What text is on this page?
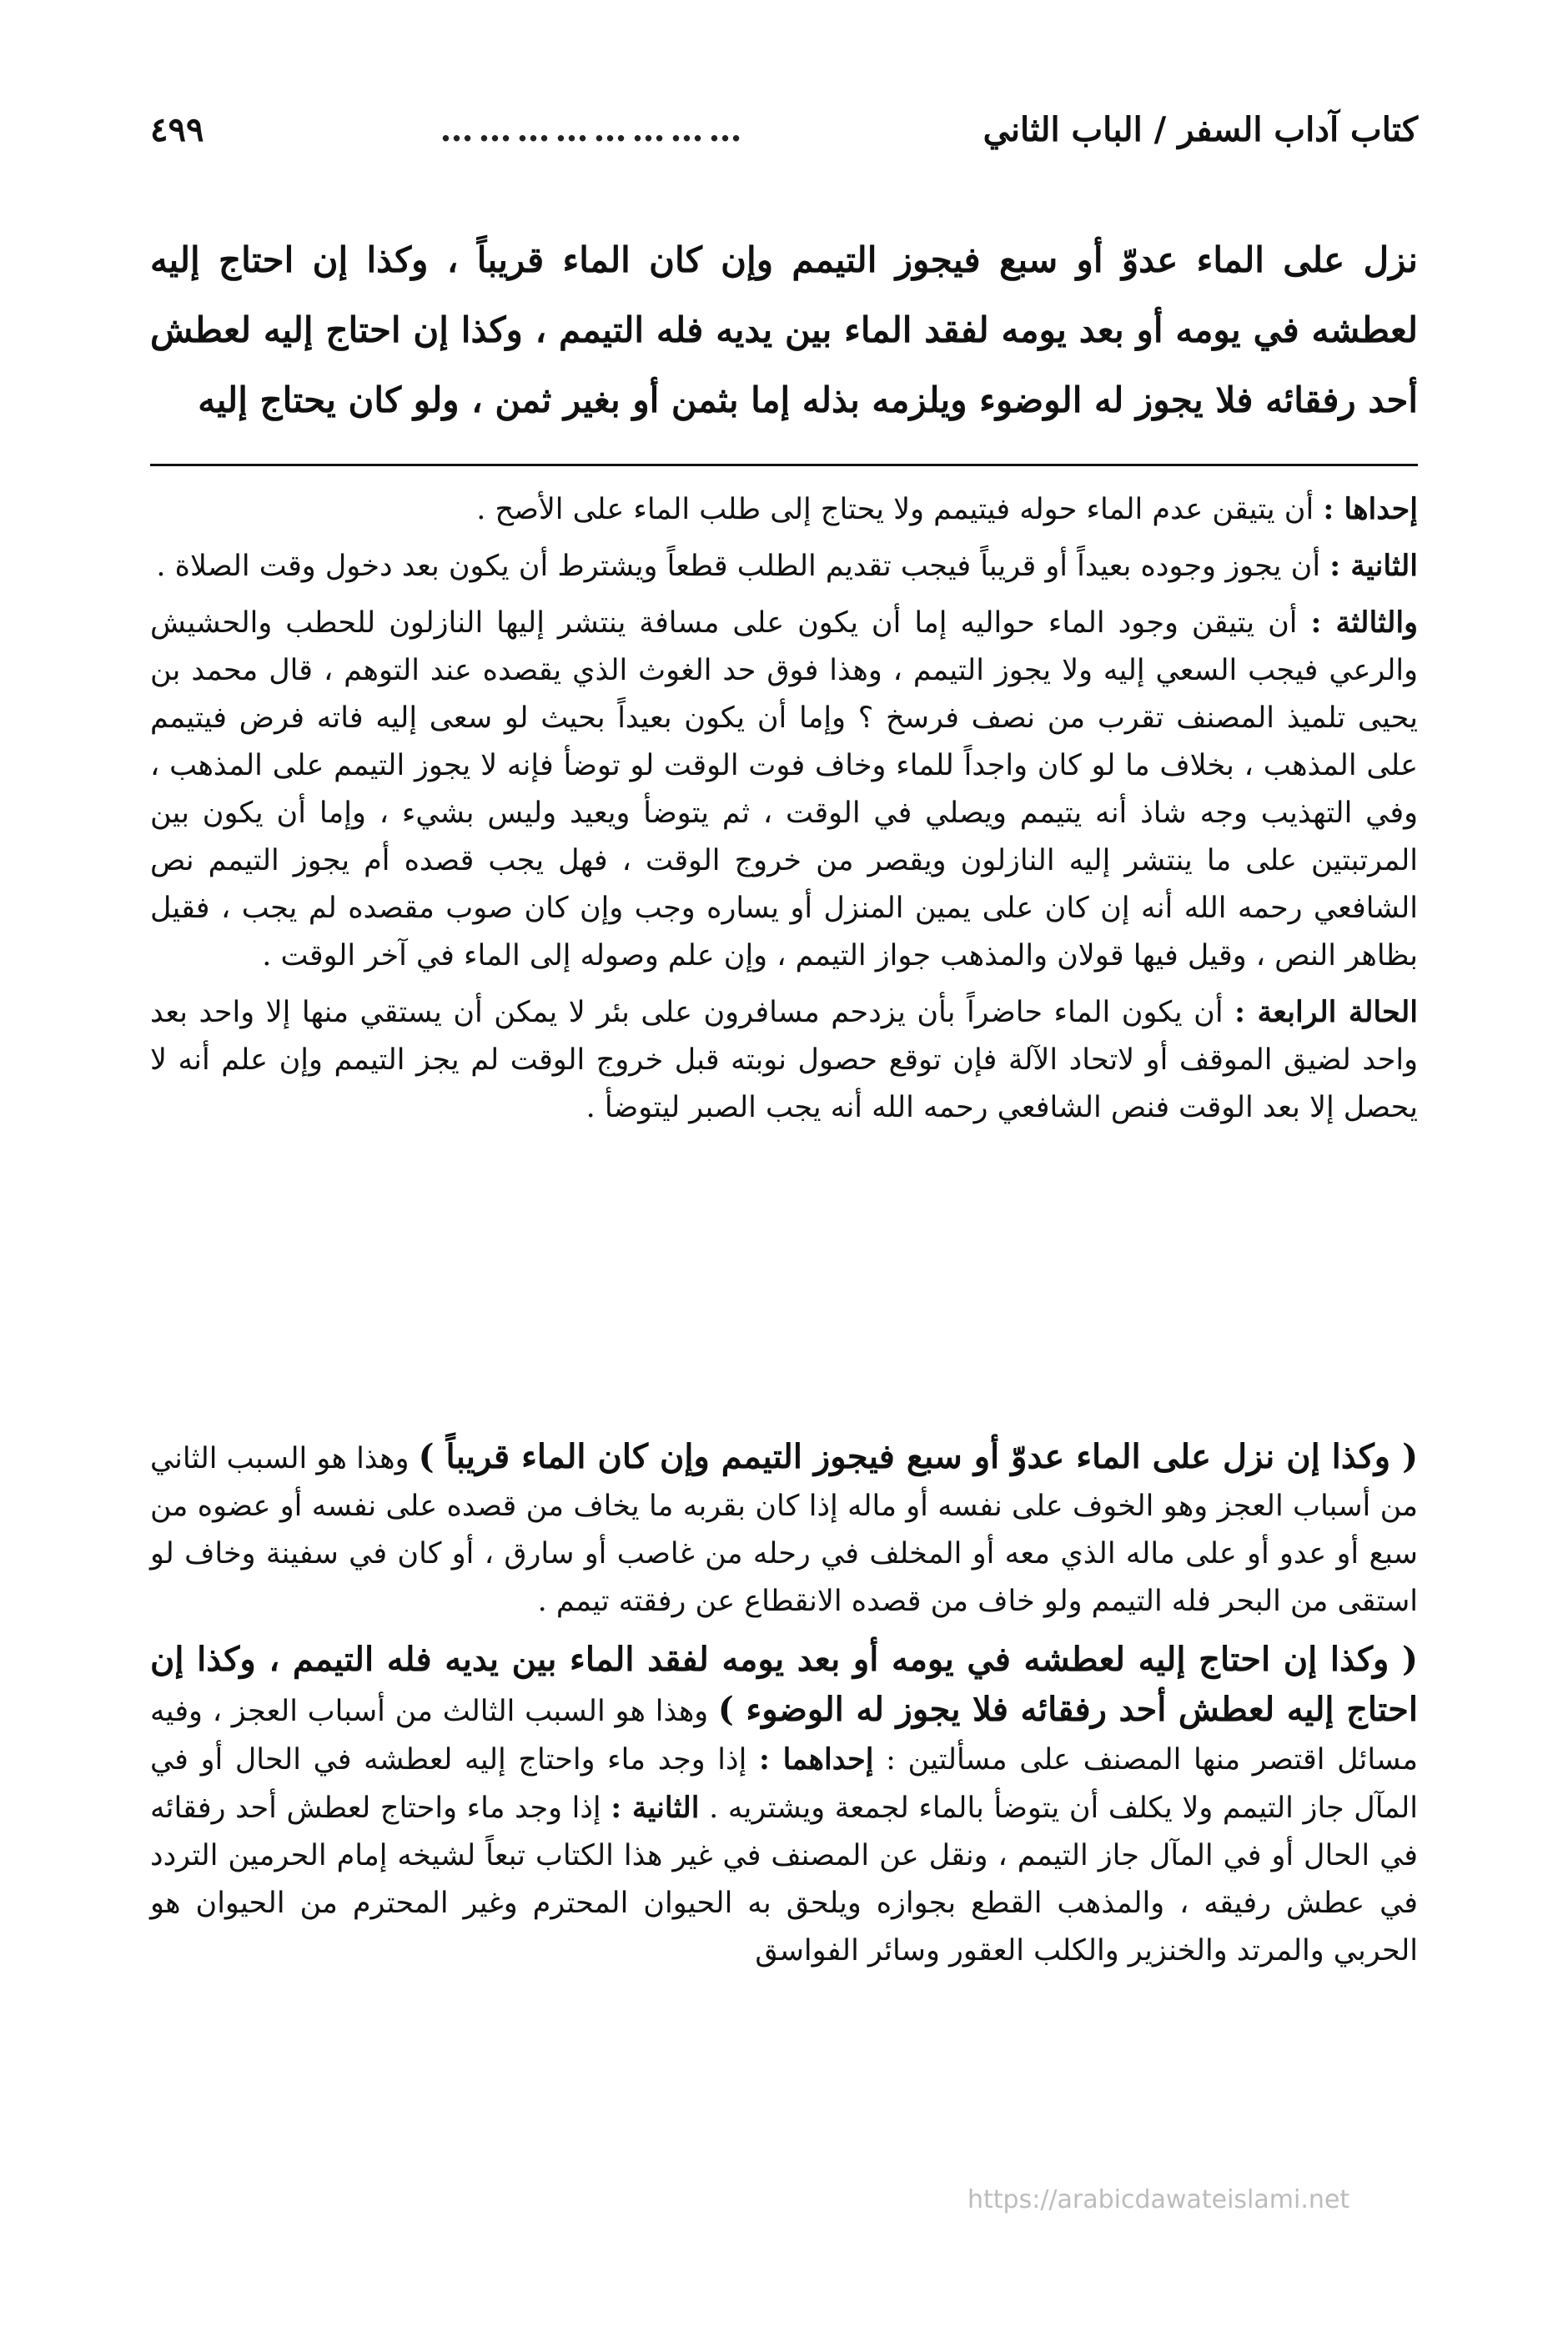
٤٩٩	……………………	كتاب آداب السفر / الباب الثاني
نزل على الماء عدوّ أو سبع فيجوز التيمم وإن كان الماء قريباً ، وكذا إن احتاج إليه لعطشه في يومه أو بعد يومه لفقد الماء بين يديه فله التيمم ، وكذا إن احتاج إليه لعطش أحد رفقائه فلا يجوز له الوضوء ويلزمه بذله إما بثمن أو بغير ثمن ، ولو كان يحتاج إليه

إحداها : أن يتيقن عدم الماء حوله فيتيمم ولا يحتاج إلى طلب الماء على الأصح .

الثانية : أن يجوز وجوده بعيداً أو قريباً فيجب تقديم الطلب قطعاً ويشترط أن يكون بعد دخول وقت الصلاة .

والثالثة : أن يتيقن وجود الماء حواليه إما أن يكون على مسافة ينتشر إليها النازلون للحطب والحشيش والرعي فيجب السعي إليه ولا يجوز التيمم ، وهذا فوق حد الغوث الذي يقصده عند التوهم ، قال محمد بن يحيى تلميذ المصنف تقرب من نصف فرسخ ؟ وإما أن يكون بعيداً بحيث لو سعى إليه فاته فرض فيتيمم على المذهب ، بخلاف ما لو كان واجداً للماء وخاف فوت الوقت لو توضأ فإنه لا يجوز التيمم على المذهب ، وفي التهذيب وجه شاذ أنه يتيمم ويصلي في الوقت ، ثم يتوضأ ويعيد وليس بشيء ، وإما أن يكون بين المرتبتين على ما ينتشر إليه النازلون ويقصر من خروج الوقت ، فهل يجب قصده أم يجوز التيمم نص الشافعي رحمه الله أنه إن كان على يمين المنزل أو يساره وجب وإن كان صوب مقصده لم يجب ، فقيل بظاهر النص ، وقيل فيها قولان والمذهب جواز التيمم ، وإن علم وصوله إلى الماء في آخر الوقت .

الحالة الرابعة : أن يكون الماء حاضراً بأن يزدحم مسافرون على بئر لا يمكن أن يستقي منها إلا واحد بعد واحد لضيق الموقف أو لاتحاد الآلة فإن توقع حصول نوبته قبل خروج الوقت لم يجز التيمم وإن علم أنه لا يحصل إلا بعد الوقت فنص الشافعي رحمه الله أنه يجب الصبر ليتوضأ .

( وكذا إن نزل على الماء عدوّ أو سبع فيجوز التيمم وإن كان الماء قريباً ) وهذا هو السبب الثاني من أسباب العجز وهو الخوف على نفسه أو ماله إذا كان بقربه ما يخاف من قصده على نفسه أو عضوه من سبع أو عدو أو على ماله الذي معه أو المخلف في رحله من غاصب أو سارق ، أو كان في سفينة وخاف لو استقى من البحر فله التيمم ولو خاف من قصده الانقطاع عن رفقته تيمم .

( وكذا إن احتاج إليه لعطشه في يومه أو بعد يومه لفقد الماء بين يديه فله التيمم ، وكذا إن احتاج إليه لعطش أحد رفقائه فلا يجوز له الوضوء ) وهذا هو السبب الثالث من أسباب العجز ، وفيه مسائل اقتصر منها المصنف على مسألتين : إحداهما : إذا وجد ماء واحتاج إليه لعطشه في الحال أو في المآل جاز التيمم ولا يكلف أن يتوضأ بالماء لجمعة ويشتريه . الثانية : إذا وجد ماء واحتاج لعطش أحد رفقائه في الحال أو في المآل جاز التيمم ، ونقل عن المصنف في غير هذا الكتاب تبعاً لشيخه إمام الحرمين التردد في عطش رفيقه ، والمذهب القطع بجوازه ويلحق به الحيوان المحترم وغير المحترم من الحيوان هو الحربي والمرتد والخنزير والكلب العقور وسائر الفواسق

https://arabicdawateislami.net
